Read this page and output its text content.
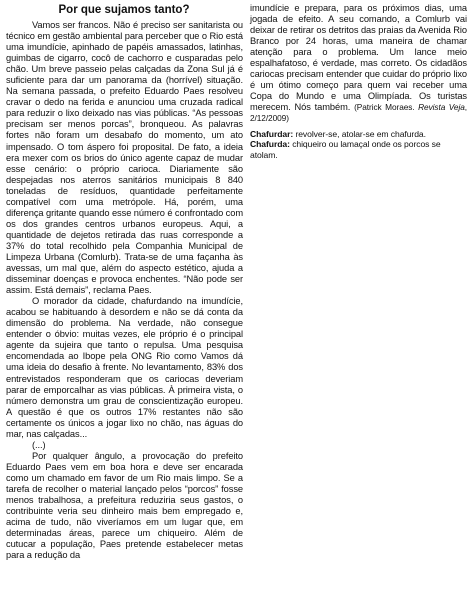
Por que sujamos tanto?

Vamos ser francos. Não é preciso ser sanitarista ou técnico em gestão ambiental para perceber que o Rio está uma imundície, apinhado de papéis amassados, latinhas, guimbas de cigarro, cocô de cachorro e cusparadas pelo chão. Um breve passeio pelas calçadas da Zona Sul já é suficiente para dar um panorama da (horrível) situação. Na semana passada, o prefeito Eduardo Paes resolveu cravar o dedo na ferida e anunciou uma cruzada radical para reduzir o lixo deixado nas vias públicas. “As pessoas precisam ser menos porcas”, bronqueou. As palavras fortes não foram um desabafo do momento, um ato impensado. O tom áspero foi proposital. De fato, a ideia era mexer com os brios do único agente capaz de mudar esse cenário: o próprio carioca. Diariamente são despejadas nos aterros sanitários municipais 8 840 toneladas de resíduos, quantidade perfeitamente compatível com uma metrópole. Há, porém, uma diferença gritante quando esse número é confrontado com os dos grandes centros urbanos europeus. Aqui, a quantidade de dejetos retirada das ruas corresponde a 37% do total recolhido pela Companhia Municipal de Limpeza Urbana (Comlurb). Trata-se de uma façanha às avessas, um mal que, além do aspecto estético, ajuda a disseminar doenças e provoca enchentes. “Não pode ser assim. Está demais”, reclama Paes.

O morador da cidade, chafurdando na imundície, acabou se habituando à desordem e não se dá conta da dimensão do problema. Na verdade, não consegue entender o óbvio: muitas vezes, ele próprio é o principal agente da sujeira que tanto o repulsa. Uma pesquisa encomendada ao Ibope pela ONG Rio como Vamos dá uma ideia do desafio à frente. No levantamento, 83% dos entrevistados responderam que os cariocas deveriam parar de emporcalhar as vias públicas. À primeira vista, o número demonstra um grau de conscientização europeu. A questão é que os outros 17% restantes não são certamente os únicos a jogar lixo no chão, nas águas do mar, nas calçadas...

(...)

Por qualquer ângulo, a provocação do prefeito Eduardo Paes vem em boa hora e deve ser encarada como um chamado em favor de um Rio mais limpo. Se a tarefa de recolher o material lançado pelos “porcos” fosse menos trabalhosa, a prefeitura reduziria seus gastos, o contribuinte veria seu dinheiro mais bem empregado e, acima de tudo, não viveríamos em um lugar que, em determinadas áreas, parece um chiqueiro. Além de cutucar a população, Paes pretende estabelecer metas para a redução da

imundície e prepara, para os próximos dias, uma jogada de efeito. A seu comando, a Comlurb vai deixar de retirar os detritos das praias da Avenida Rio Branco por 24 horas, uma maneira de chamar atenção para o problema. Um lance meio espalhafatoso, é verdade, mas correto. Os cidadãos cariocas precisam entender que cuidar do próprio lixo é um ótimo começo para quem vai receber uma Copa do Mundo e uma Olimpíada. Os turistas merecem. Nós também. (Patrick Moraes. Revista Veja, 2/12/2009)

Chafurdar: revolver-se, atolar-se em chafurda.
Chafurda: chiqueiro ou lamaçal onde os porcos se atolam.
